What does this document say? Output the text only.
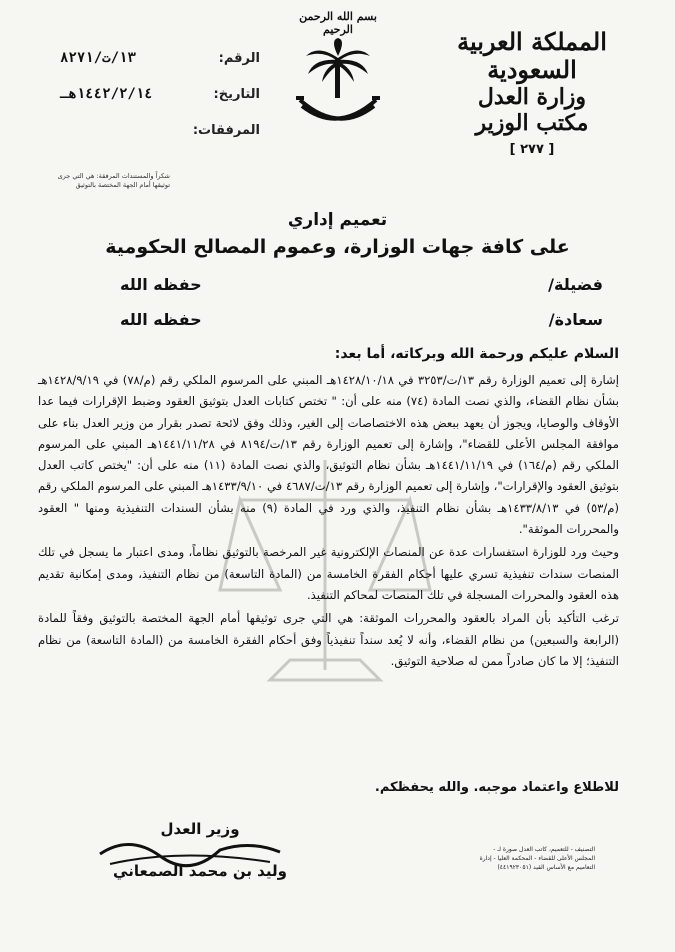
بسم الله الرحمن الرحيم	المملكة العربية السعودية
وزارة العدل
مكتب الوزير
[ ٢٧٧ ]
الرقم:
١٣/ت/٨٢٧١
التاريخ:
١٤٤٢/٢/١٤هـ
المرفقات:
شكراً والمستندات المرفقة: هي التي جرى توثيقها أمام الجهة المختصة بالتوثيق
تعميم إداري
على كافة جهات الوزارة، وعموم المصالح الحكومية
فضيلة/
حفظه الله
سعادة/
حفظه الله
السلام عليكم ورحمة الله وبركاته، أما بعد:

إشارة إلى تعميم الوزارة رقم ١٣/ت/٣٢٥٣ في ١٤٢٨/١٠/١٨هـ المبني على المرسوم الملكي رقم (م/٧٨) في ١٤٢٨/٩/١٩هـ بشأن نظام القضاء، والذي نصت المادة (٧٤) منه على أن: " تختص كتابات العدل بتوثيق العقود وضبط الإقرارات فيما عدا الأوقاف والوصايا، ويجوز أن يعهد ببعض هذه الاختصاصات إلى الغير، وذلك وفق لائحة تصدر بقرار من وزير العدل بناء على موافقة المجلس الأعلى للقضاء"، وإشارة إلى تعميم الوزارة رقم ١٣/ت/٨١٩٤ في ١٤٤١/١١/٢٨هـ المبني على المرسوم الملكي رقم (م/١٦٤) في ١٤٤١/١١/١٩هـ بشأن نظام التوثيق، والذي نصت المادة (١١) منه على أن: "يختص كاتب العدل بتوثيق العقود والإقرارات"، وإشارة إلى تعميم الوزارة رقم ١٣/ت/٤٦٨٧ في ١٤٣٣/٩/١٠هـ المبني على المرسوم الملكي رقم (م/٥٣) في ١٤٣٣/٨/١٣هـ بشأن نظام التنفيذ، والذي ورد في المادة (٩) منه بشأن السندات التنفيذية ومنها " العقود والمحررات الموثقة".

وحيث ورد للوزارة استفسارات عدة عن المنصات الإلكترونية غير المرخصة بالتوثيق نظاماً، ومدى اعتبار ما يسجل في تلك المنصات سندات تنفيذية تسري عليها أحكام الفقرة الخامسة من (المادة التاسعة) من نظام التنفيذ، ومدى إمكانية تقديم هذه العقود والمحررات المسجلة في تلك المنصات لمحاكم التنفيذ.

ترغب التأكيد بأن المراد بالعقود والمحررات الموثقة: هي التي جرى توثيقها أمام الجهة المختصة بالتوثيق وفقاً للمادة (الرابعة والسبعين) من نظام القضاء، وأنه لا يُعد سنداً تنفيذياً وفق أحكام الفقرة الخامسة من (المادة التاسعة) من نظام التنفيذ؛ إلا ما كان صادراً ممن له صلاحية التوثيق.

للاطلاع واعتماد موجبه. والله يحفظكم.
وزير العدل
وليد بن محمد الصمعاني
التصنيف - للتعميم، كاتب العدل صورة لـ - المجلس الأعلى للقضاء - المحكمة العليا - إدارة التعاميم مع الأساس القيد (٤٤١٩٢٣٠٥١)
